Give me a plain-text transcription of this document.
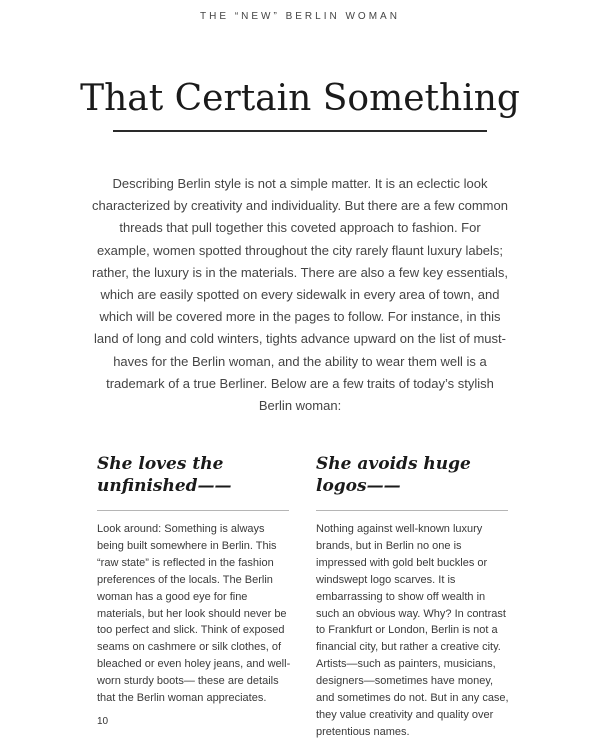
THE “NEW” BERLIN WOMAN
That Certain Something

Describing Berlin style is not a simple matter. It is an eclectic look characterized by creativity and individuality. But there are a few common threads that pull together this coveted approach to fashion. For example, women spotted throughout the city rarely flaunt luxury labels; rather, the luxury is in the materials. There are also a few key essentials, which are easily spotted on every sidewalk in every area of town, and which will be covered more in the pages to follow. For instance, in this land of long and cold winters, tights advance upward on the list of must-haves for the Berlin woman, and the ability to wear them well is a trademark of a true Berliner. Below are a few traits of today’s stylish Berlin woman:

She loves the unfinished——

Look around: Something is always being built somewhere in Berlin. This “raw state” is reflected in the fashion preferences of the locals. The Berlin woman has a good eye for fine materials, but her look should never be too perfect and slick. Think of exposed seams on cashmere or silk clothes, of bleached or even holey jeans, and well-worn sturdy boots— these are details that the Berlin woman appreciates.

She avoids huge logos——

Nothing against well-known luxury brands, but in Berlin no one is impressed with gold belt buckles or windswept logo scarves. It is embarrassing to show off wealth in such an obvious way. Why? In contrast to Frankfurt or London, Berlin is not a financial city, but rather a creative city. Artists—such as painters, musicians, designers—sometimes have money, and sometimes do not. But in any case, they value creativity and quality over pretentious names.

10
